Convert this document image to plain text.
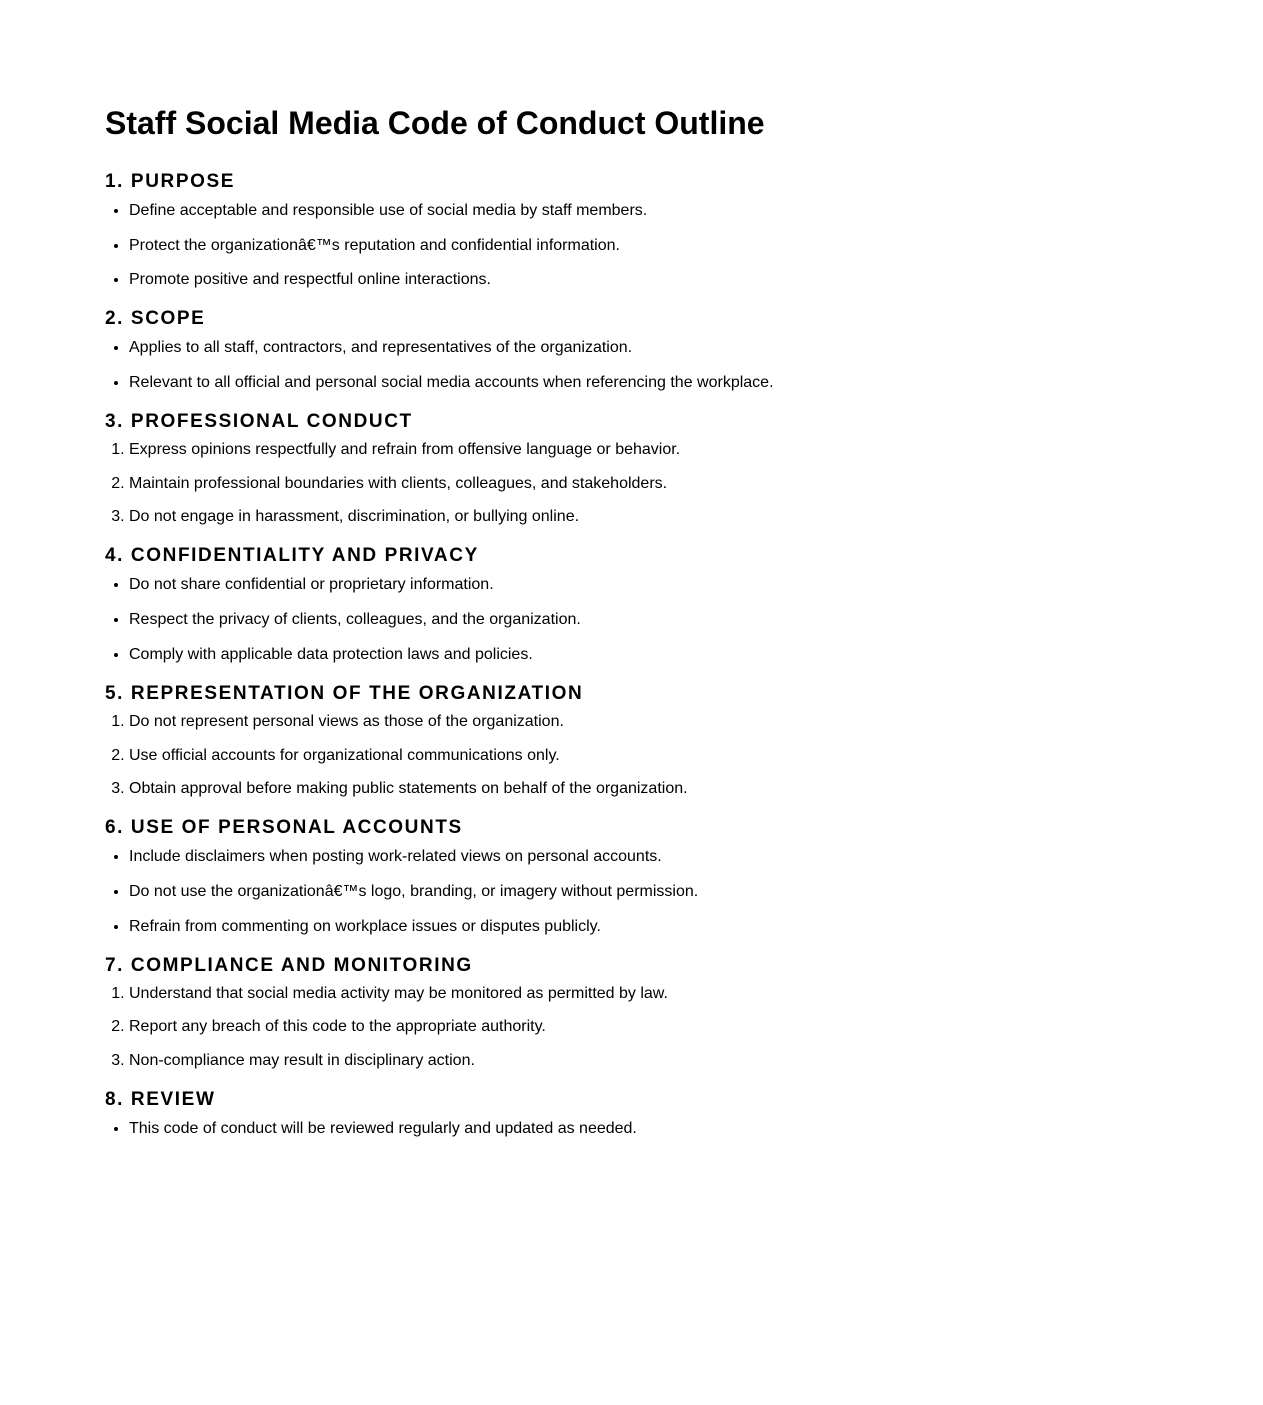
Staff Social Media Code of Conduct Outline
1. PURPOSE
• Define acceptable and responsible use of social media by staff members.
• Protect the organizationâ€™s reputation and confidential information.
• Promote positive and respectful online interactions.
2. SCOPE
• Applies to all staff, contractors, and representatives of the organization.
• Relevant to all official and personal social media accounts when referencing the workplace.
3. PROFESSIONAL CONDUCT
1. Express opinions respectfully and refrain from offensive language or behavior.
2. Maintain professional boundaries with clients, colleagues, and stakeholders.
3. Do not engage in harassment, discrimination, or bullying online.
4. CONFIDENTIALITY AND PRIVACY
• Do not share confidential or proprietary information.
• Respect the privacy of clients, colleagues, and the organization.
• Comply with applicable data protection laws and policies.
5. REPRESENTATION OF THE ORGANIZATION
1. Do not represent personal views as those of the organization.
2. Use official accounts for organizational communications only.
3. Obtain approval before making public statements on behalf of the organization.
6. USE OF PERSONAL ACCOUNTS
• Include disclaimers when posting work-related views on personal accounts.
• Do not use the organizationâ€™s logo, branding, or imagery without permission.
• Refrain from commenting on workplace issues or disputes publicly.
7. COMPLIANCE AND MONITORING
1. Understand that social media activity may be monitored as permitted by law.
2. Report any breach of this code to the appropriate authority.
3. Non-compliance may result in disciplinary action.
8. REVIEW
• This code of conduct will be reviewed regularly and updated as needed.
